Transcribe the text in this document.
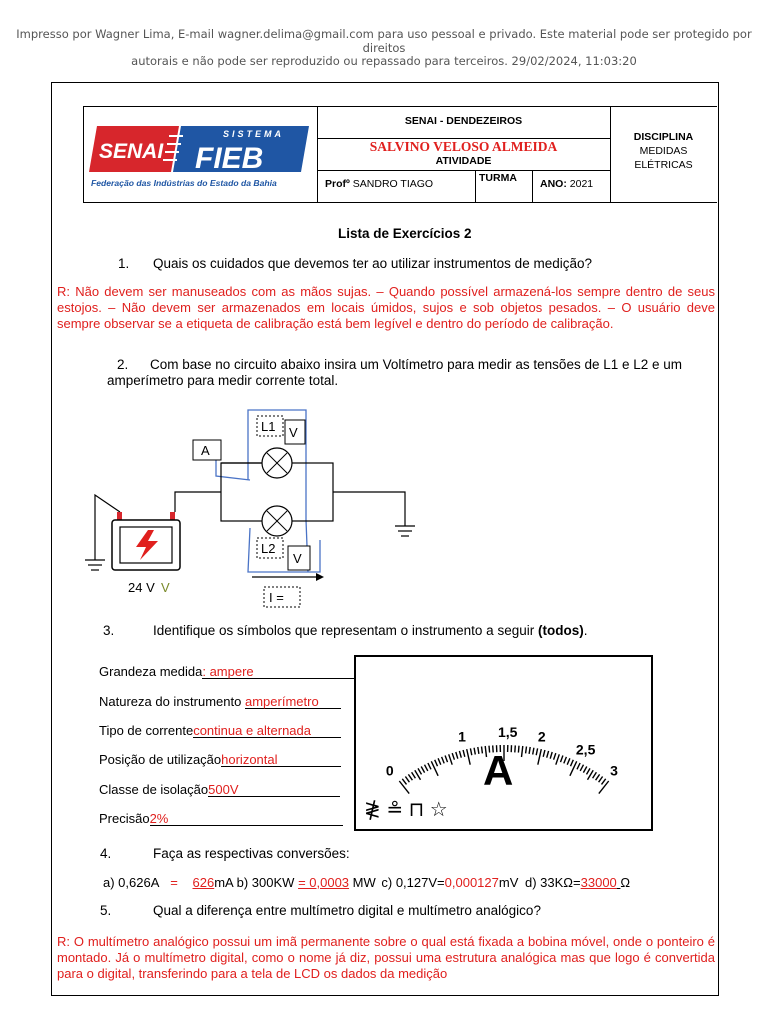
Impresso por Wagner Lima, E-mail wagner.delima@gmail.com para uso pessoal e privado. Este material pode ser protegido por direitos
autorais e não pode ser reproduzido ou repassado para terceiros. 29/02/2024, 11:03:20
SENAI
SISTEMA
FIEB
Federação das Indústrias do Estado da Bahia
SENAI - DENDEZEIROS
SALVINO VELOSO ALMEIDA
ATIVIDADE
Profº SANDRO TIAGO	TURMA ANO: 2021
DISCIPLINA
MEDIDAS
ELÉTRICAS
Lista de Exercícios 2
1. Quais os cuidados que devemos ter ao utilizar instrumentos de medição?
R: Não devem ser manuseados com as mãos sujas. – Quando possível armazená-los sempre dentro de seus estojos. – Não devem ser armazenados em locais úmidos, sujos e sob objetos pesados. – O usuário deve sempre observar se a etiqueta de calibração está bem legível e dentro do período de calibração.
2. Com base no circuito abaixo insira um Voltímetro para medir as tensões de L1 e L2 e um
amperímetro para medir corrente total.
L1 V
A
L2
V
I =
24 V V
3.	Identifique os símbolos que representam o instrumento a seguir (todos).
Grandeza medida: ampere
Natureza do instrumento amperímetro
Tipo de correntecontinua e alternada
Posição de utilizaçãohorizontal
Classe de isolação500V
Precisão2%
0
1 1,5 2
2,5
3
A
≹ ≗ ⊓ ☆
4.	Faça as respectivas conversões:
a) 0,626A = 626mA b) 300KW = 0,0003 MW c) 0,127V=0,000127mV d) 33KΩ=33000 Ω
5.	Qual a diferença entre multímetro digital e multímetro analógico?
R: O multímetro analógico possui um imã permanente sobre o qual está fixada a bobina móvel, onde o ponteiro é montado. Já o multímetro digital, como o nome já diz, possui uma estrutura analógica mas que logo é convertida para o digital, transferindo para a tela de LCD os dados da medição
